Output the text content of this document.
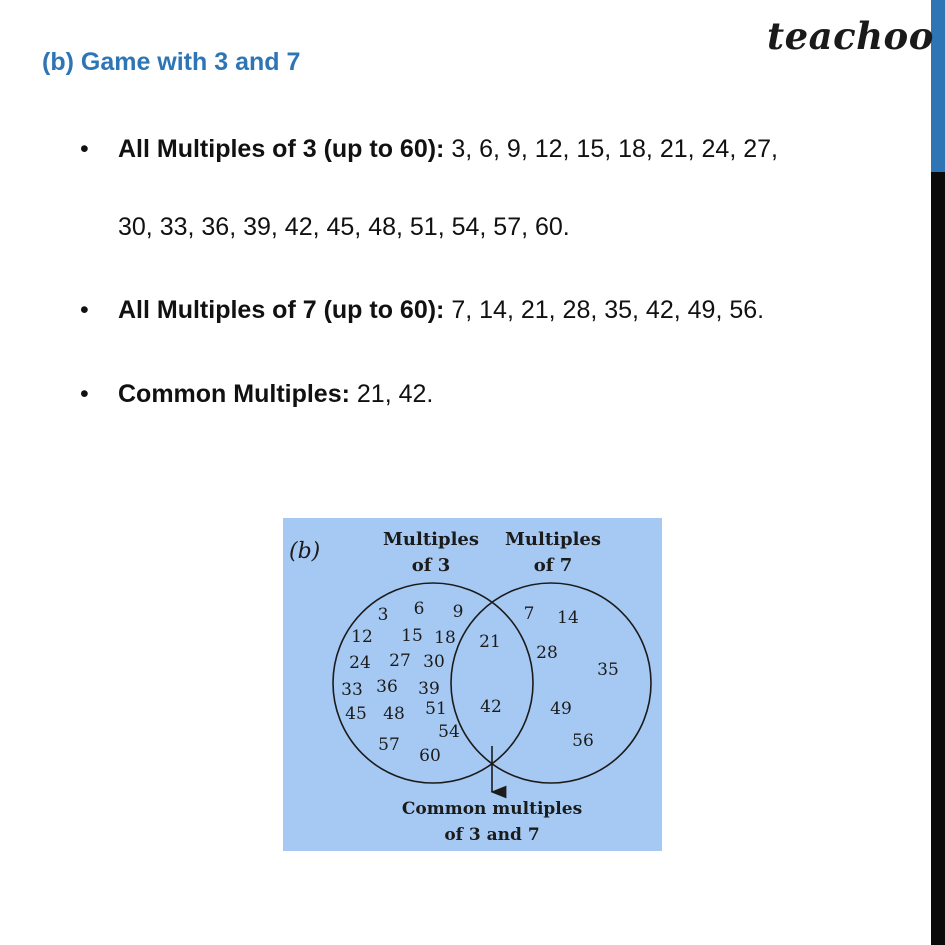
teachoo
(b) Game with 3 and 7
• All Multiples of 3 (up to 60): 3, 6, 9, 12, 15, 18, 21, 24, 27,
30, 33, 36, 39, 42, 45, 48, 51, 54, 57, 60.
• All Multiples of 7 (up to 60): 7, 14, 21, 28, 35, 42, 49, 56.
• Common Multiples: 21, 42.
(b)	Multiples
of 3
Multiples
of 7
3 6 9
12 15 18
24 27 30
33 36 39
45 48 51
54
57
60
21
42
7 14
28
35
49
56
Common multiples
of 3 and 7
